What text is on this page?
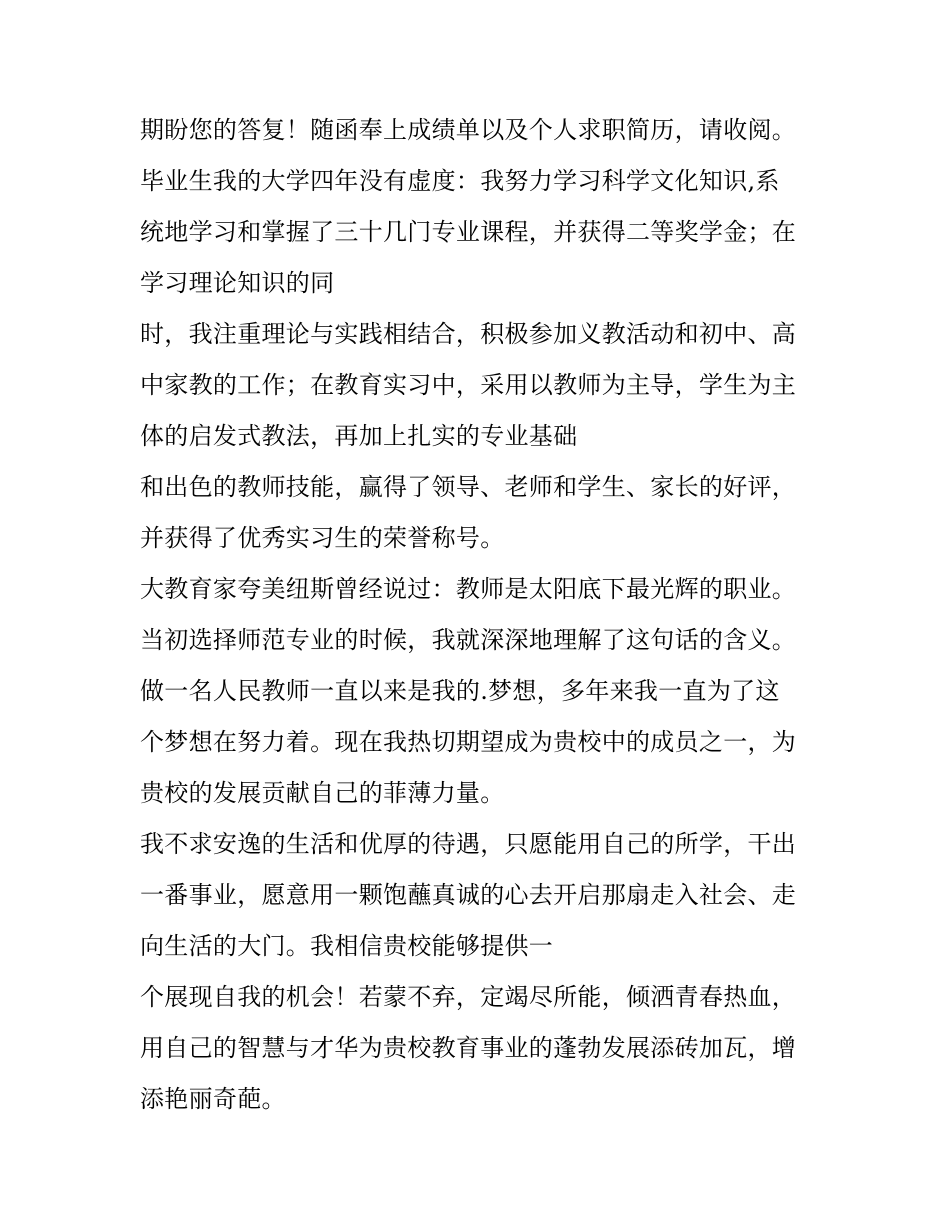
期盼您的答复！随函奉上成绩单以及个人求职简历，请收阅。
毕业生我的大学四年没有虚度：我努力学习科学文化知识,系
统地学习和掌握了三十几门专业课程，并获得二等奖学金；在
学习理论知识的同
时，我注重理论与实践相结合，积极参加义教活动和初中、高
中家教的工作；在教育实习中，采用以教师为主导，学生为主
体的启发式教法，再加上扎实的专业基础
和出色的教师技能，赢得了领导、老师和学生、家长的好评，
并获得了优秀实习生的荣誉称号。
大教育家夸美纽斯曾经说过：教师是太阳底下最光辉的职业。
当初选择师范专业的时候，我就深深地理解了这句话的含义。
做一名人民教师一直以来是我的.梦想，多年来我一直为了这
个梦想在努力着。现在我热切期望成为贵校中的成员之一，为
贵校的发展贡献自己的菲薄力量。
我不求安逸的生活和优厚的待遇，只愿能用自己的所学，干出
一番事业，愿意用一颗饱蘸真诚的心去开启那扇走入社会、走
向生活的大门。我相信贵校能够提供一
个展现自我的机会！若蒙不弃，定竭尽所能，倾洒青春热血，
用自己的智慧与才华为贵校教育事业的蓬勃发展添砖加瓦，增
添艳丽奇葩。
